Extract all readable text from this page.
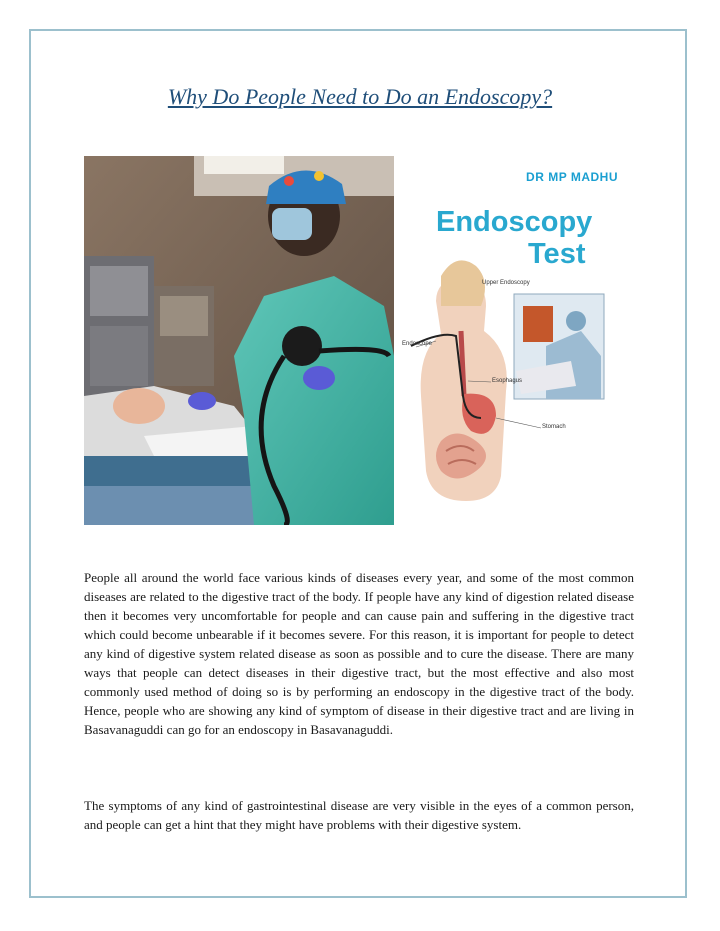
Why Do People Need to Do an Endoscopy?
DR MP MADHU
Endoscopy
Test
Upper Endoscopy
Endoscope
Esophagus
Stomach

People all around the world face various kinds of diseases every year, and some of the most common diseases are related to the digestive tract of the body. If people have any kind of digestion related disease then it becomes very uncomfortable for people and can cause pain and suffering in the digestive tract which could become unbearable if it becomes severe. For this reason, it is important for people to detect any kind of digestive system related disease as soon as possible and to cure the disease. There are many ways that people can detect diseases in their digestive tract, but the most effective and also most commonly used method of doing so is by performing an endoscopy in the digestive tract of the body. Hence, people who are showing any kind of symptom of disease in their digestive tract and are living in Basavanaguddi can go for an endoscopy in Basavanaguddi.

The symptoms of any kind of gastrointestinal disease are very visible in the eyes of a common person, and people can get a hint that they might have problems with their digestive system.
